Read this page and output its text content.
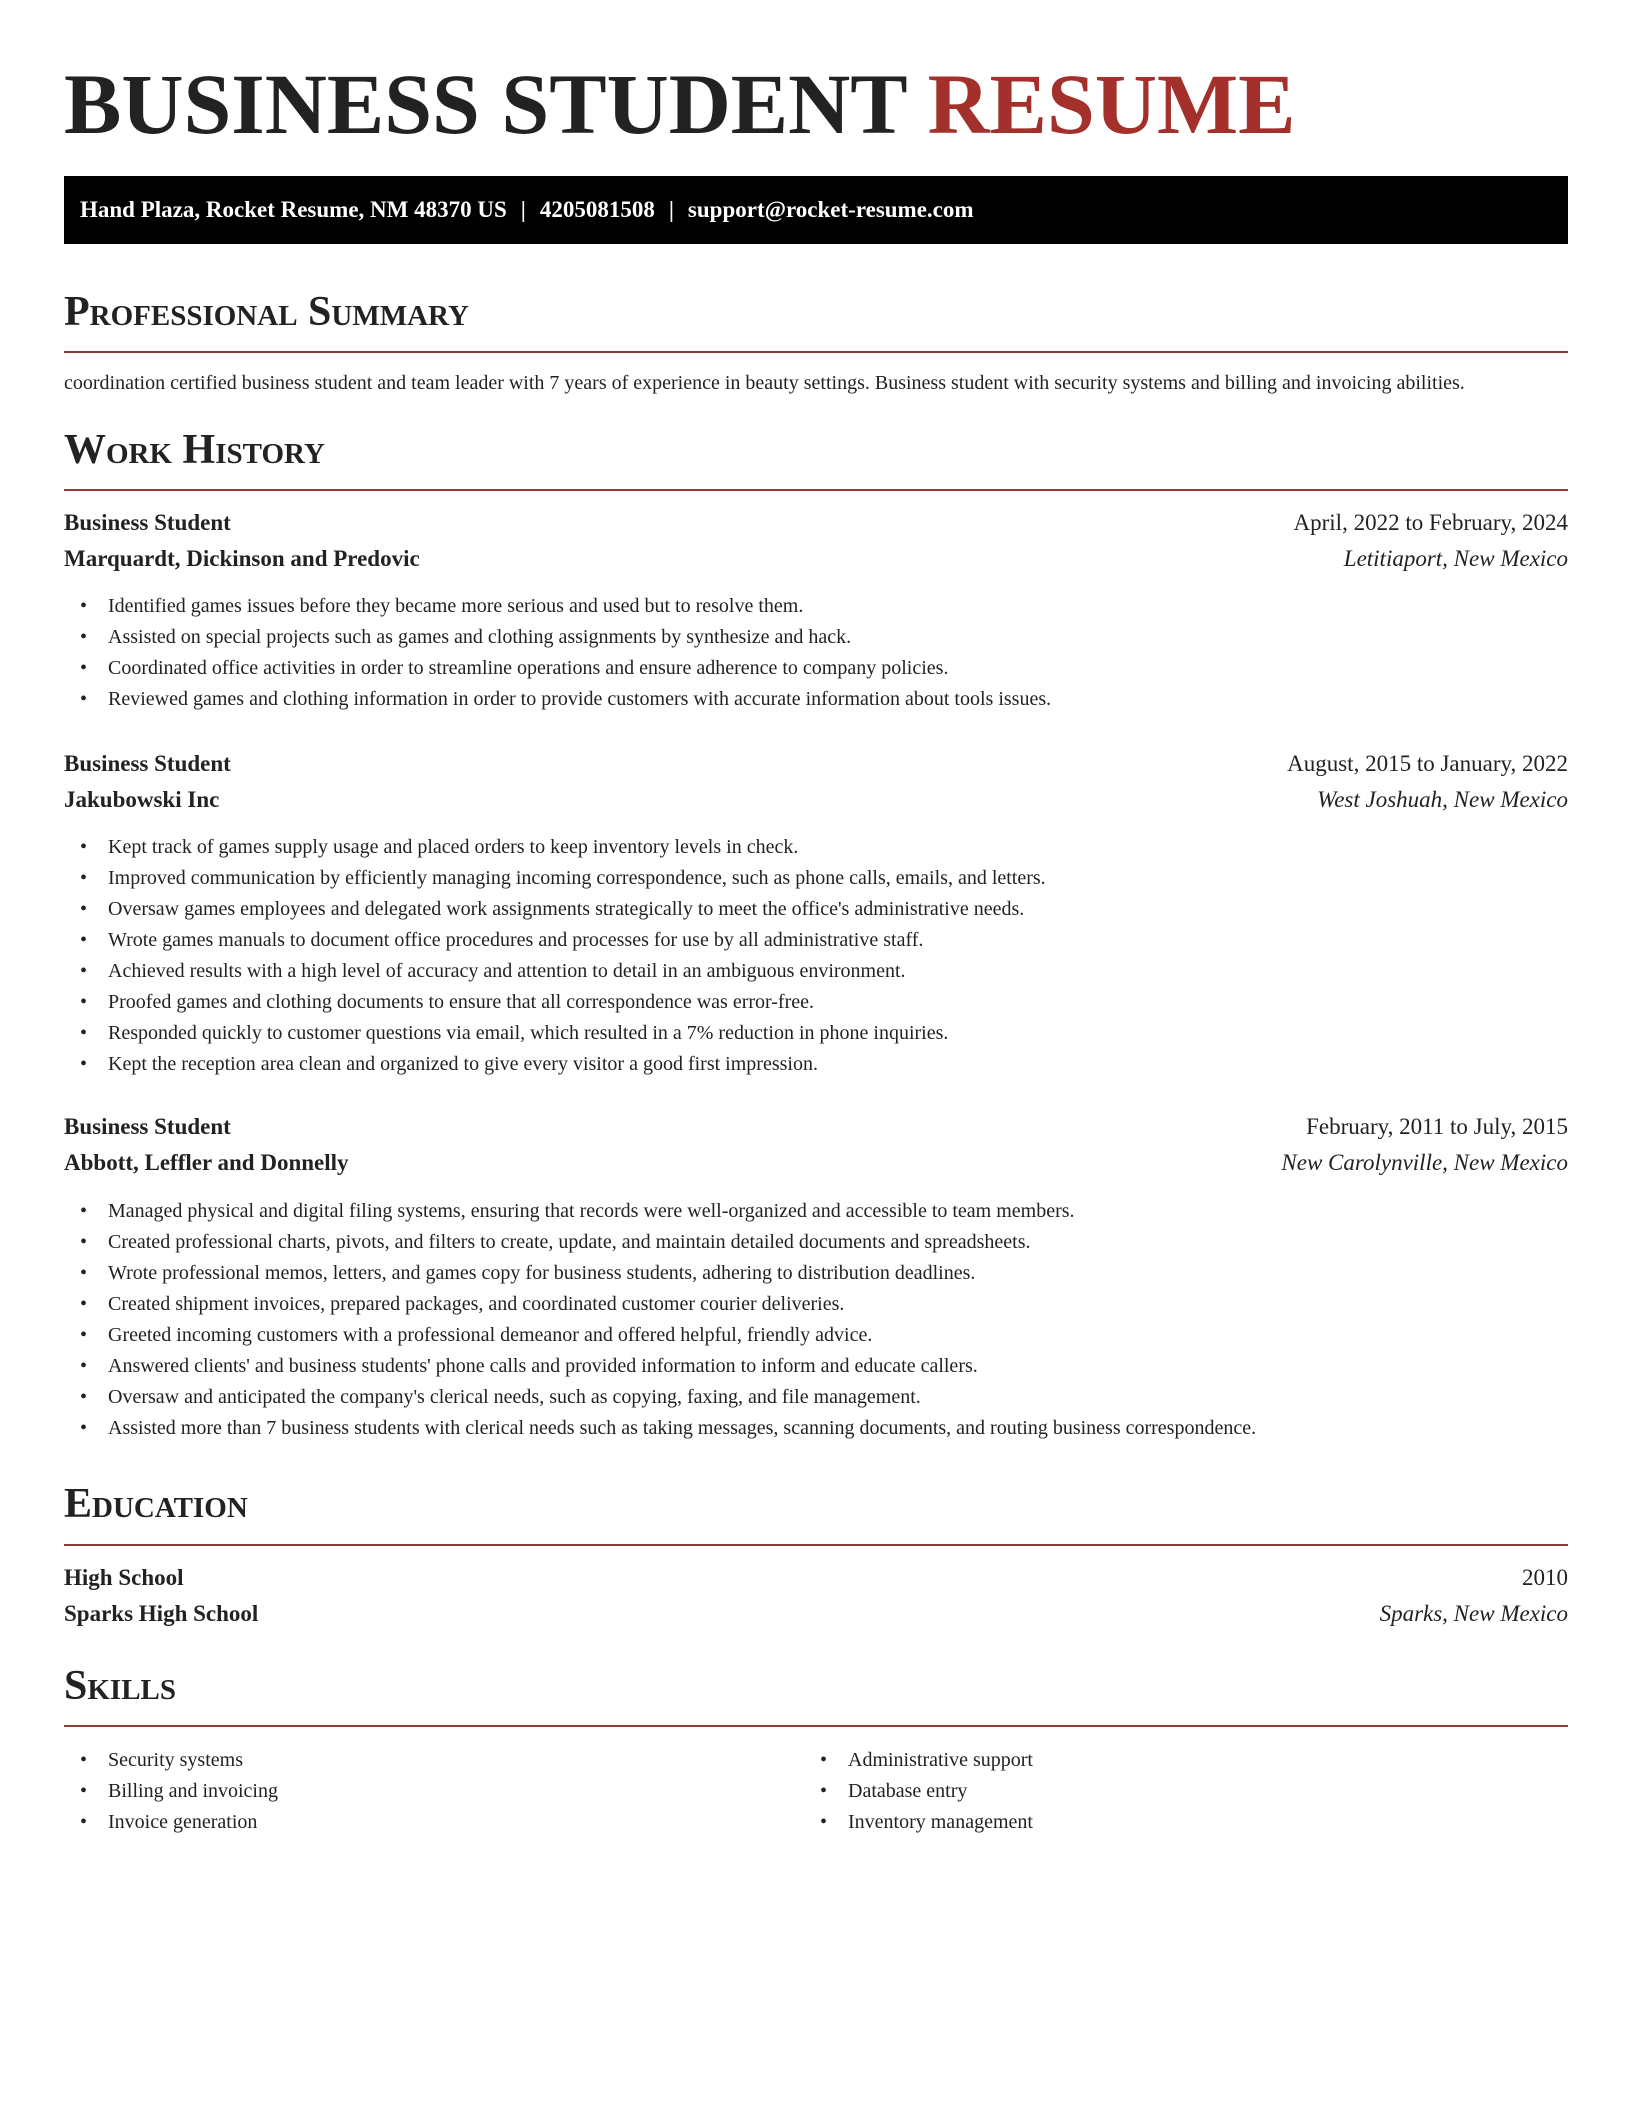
BUSINESS STUDENT RESUME
Hand Plaza, Rocket Resume, NM 48370 US | 4205081508 | support@rocket-resume.com
Professional Summary
coordination certified business student and team leader with 7 years of experience in beauty settings. Business student with security systems and billing and invoicing abilities.
Work History
Business Student	April, 2022 to February, 2024
Marquardt, Dickinson and Predovic	Letitiaport, New Mexico
• Identified games issues before they became more serious and used but to resolve them.
• Assisted on special projects such as games and clothing assignments by synthesize and hack.
• Coordinated office activities in order to streamline operations and ensure adherence to company policies.
• Reviewed games and clothing information in order to provide customers with accurate information about tools issues.
Business Student	August, 2015 to January, 2022
Jakubowski Inc	West Joshuah, New Mexico
• Kept track of games supply usage and placed orders to keep inventory levels in check.
• Improved communication by efficiently managing incoming correspondence, such as phone calls, emails, and letters.
• Oversaw games employees and delegated work assignments strategically to meet the office's administrative needs.
• Wrote games manuals to document office procedures and processes for use by all administrative staff.
• Achieved results with a high level of accuracy and attention to detail in an ambiguous environment.
• Proofed games and clothing documents to ensure that all correspondence was error-free.
• Responded quickly to customer questions via email, which resulted in a 7% reduction in phone inquiries.
• Kept the reception area clean and organized to give every visitor a good first impression.
Business Student	February, 2011 to July, 2015
Abbott, Leffler and Donnelly	New Carolynville, New Mexico
• Managed physical and digital filing systems, ensuring that records were well-organized and accessible to team members.
• Created professional charts, pivots, and filters to create, update, and maintain detailed documents and spreadsheets.
• Wrote professional memos, letters, and games copy for business students, adhering to distribution deadlines.
• Created shipment invoices, prepared packages, and coordinated customer courier deliveries.
• Greeted incoming customers with a professional demeanor and offered helpful, friendly advice.
• Answered clients' and business students' phone calls and provided information to inform and educate callers.
• Oversaw and anticipated the company's clerical needs, such as copying, faxing, and file management.
• Assisted more than 7 business students with clerical needs such as taking messages, scanning documents, and routing business correspondence.
Education
High School	2010
Sparks High School	Sparks, New Mexico
Skills
• Security systems
• Billing and invoicing
• Invoice generation
• Administrative support
• Database entry
• Inventory management
